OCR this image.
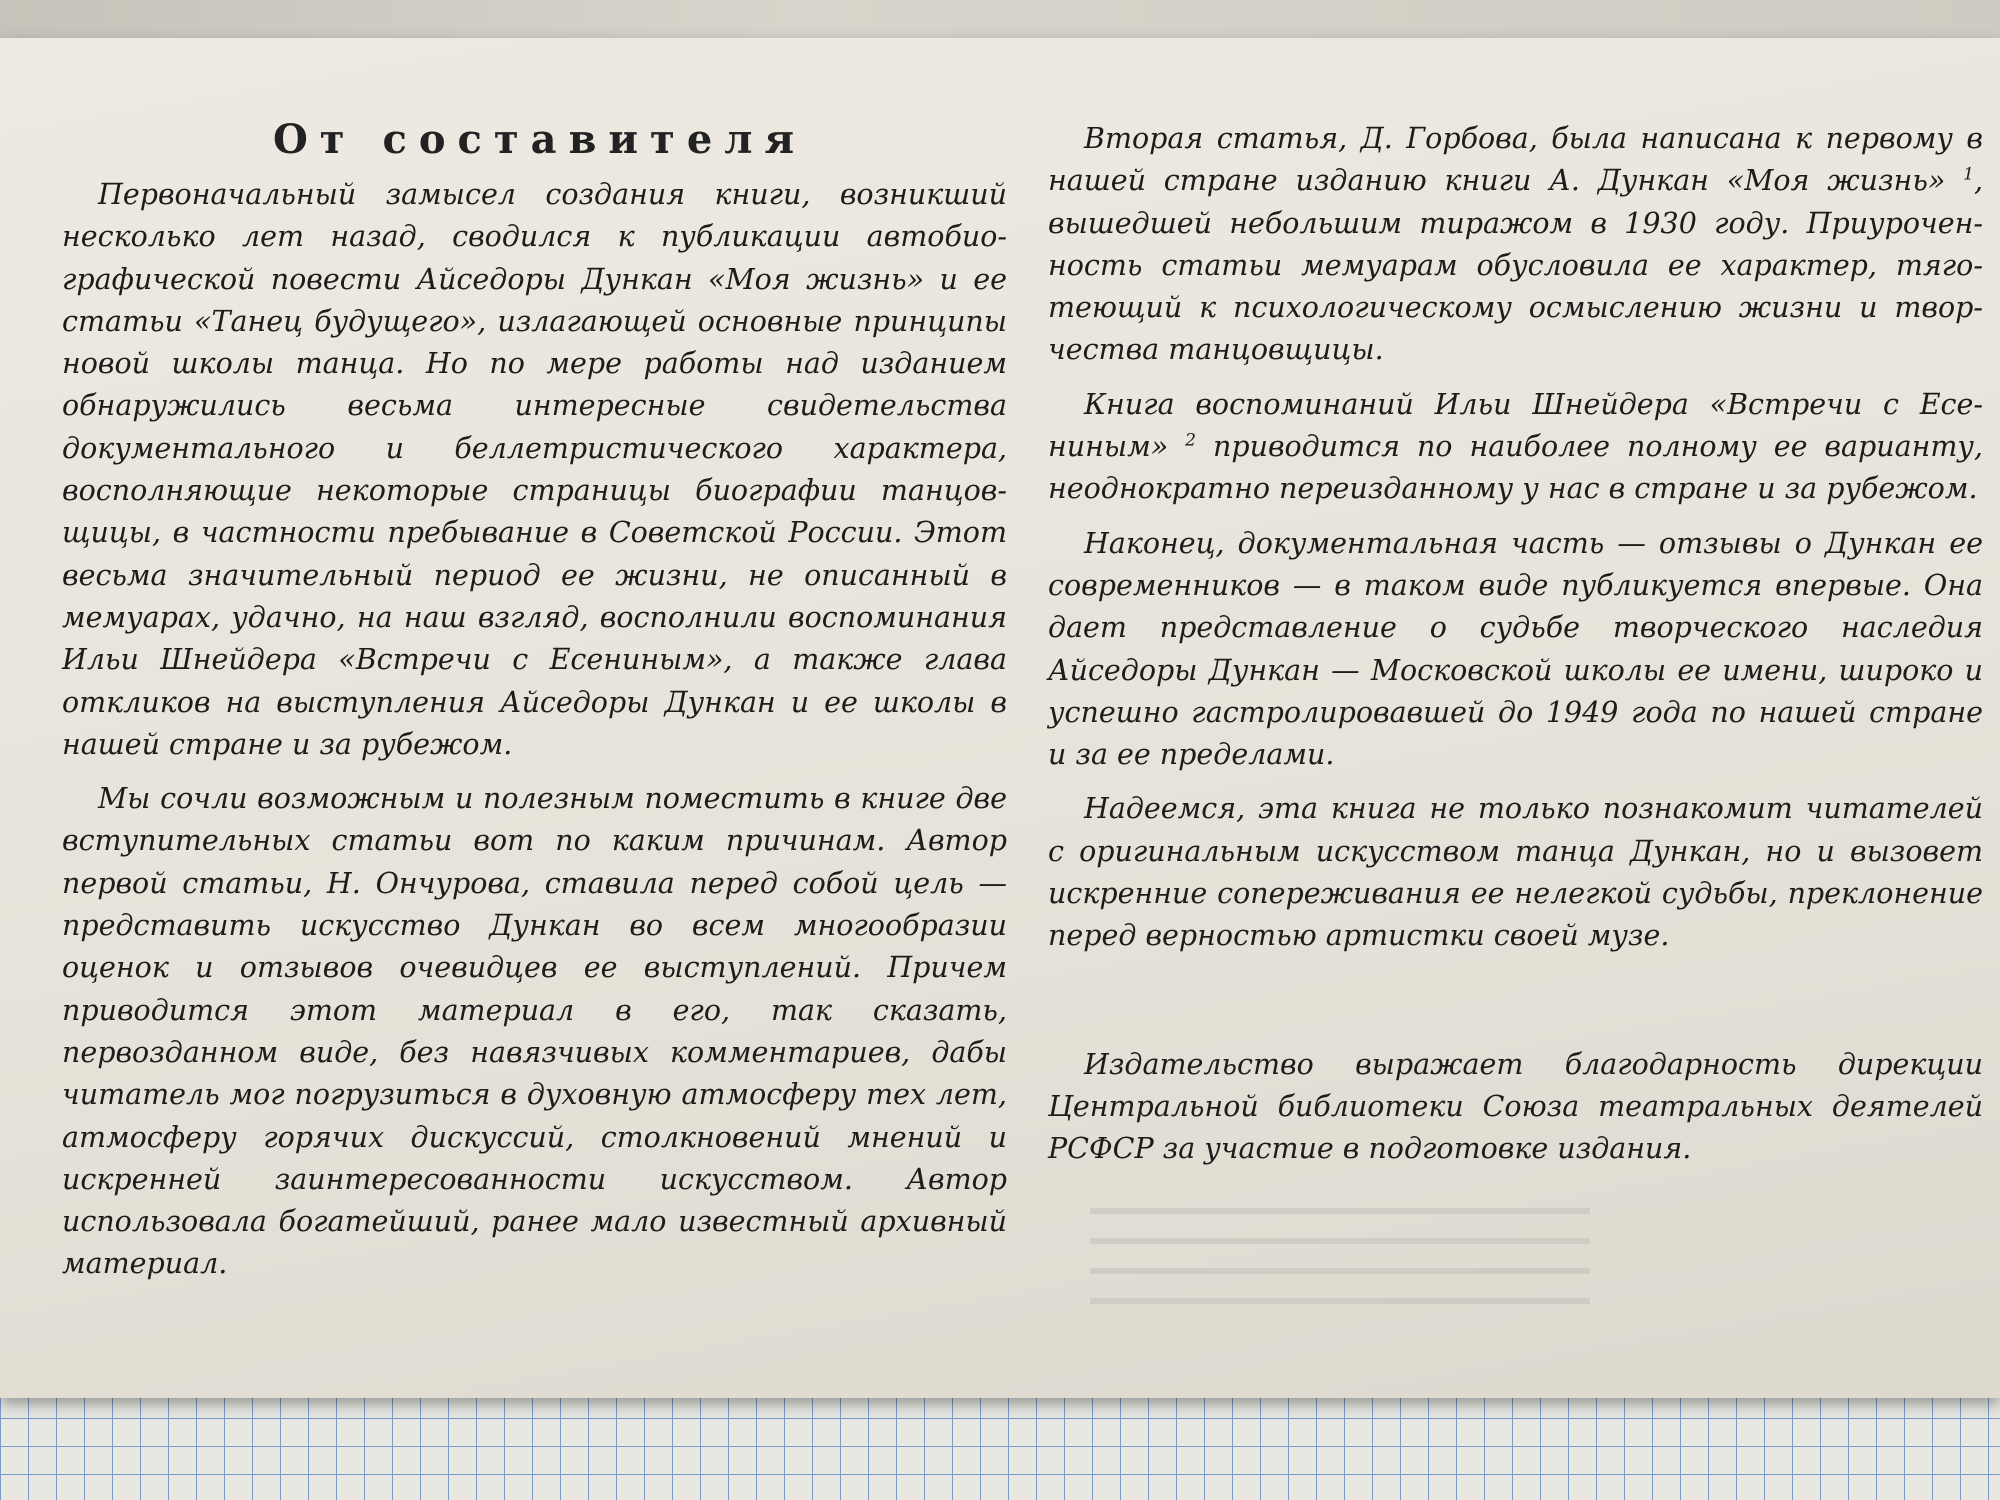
От составителя

Первоначальный замысел создания книги, возникший несколько лет назад, сводился к публикации автобиографической повести Айседоры Дункан «Моя жизнь» и ее статьи «Танец будущего», излагающей основные принципы новой школы танца. Но по мере работы над изданием обнаружились весьма интересные свидетельства документального и беллетристического характера, восполняющие некоторые страницы биографии танцовщицы, в частности пребывание в Советской России. Этот весьма значительный период ее жизни, не описанный в мемуарах, удачно, на наш взгляд, восполнили воспоминания Ильи Шнейдера «Встречи с Есениным», а также глава откликов на выступления Айседоры Дункан и ее школы в нашей стране и за рубежом.

Мы сочли возможным и полезным поместить в книге две вступительных статьи вот по каким причинам. Автор первой статьи, Н. Ончурова, ставила перед собой цель — представить искусство Дункан во всем многообразии оценок и отзывов очевидцев ее выступлений. Причем приводится этот материал в его, так сказать, первозданном виде, без навязчивых комментариев, дабы читатель мог погрузиться в духовную атмосферу тех лет, атмосферу горячих дискуссий, столкновений мнений и искренней заинтересованности искусством. Автор использовала богатейший, ранее мало известный архивный материал.

Вторая статья, Д. Горбова, была написана к первому в нашей стране изданию книги А. Дункан «Моя жизнь» $^1$, вышедшей небольшим тиражом в 1930 году. Приуроченность статьи мемуарам обусловила ее характер, тяготеющий к психологическому осмыслению жизни и творчества танцовщицы.

Книга воспоминаний Ильи Шнейдера «Встречи с Есениным» $^2$ приводится по наиболее полному ее варианту, неоднократно переизданному у нас в стране и за рубежом.

Наконец, документальная часть — отзывы о Дункан ее современников — в таком виде публикуется впервые. Она дает представление о судьбе творческого наследия Айседоры Дункан — Московской школы ее имени, широко и успешно гастролировавшей до 1949 года по нашей стране и за ее пределами.

Надеемся, эта книга не только познакомит читателей с оригинальным искусством танца Дункан, но и вызовет искренние сопереживания ее нелегкой судьбы, преклонение перед верностью артистки своей музе.

Издательство выражает благодарность дирекции Центральной библиотеки Союза театральных деятелей РСФСР за участие в подготовке издания.
